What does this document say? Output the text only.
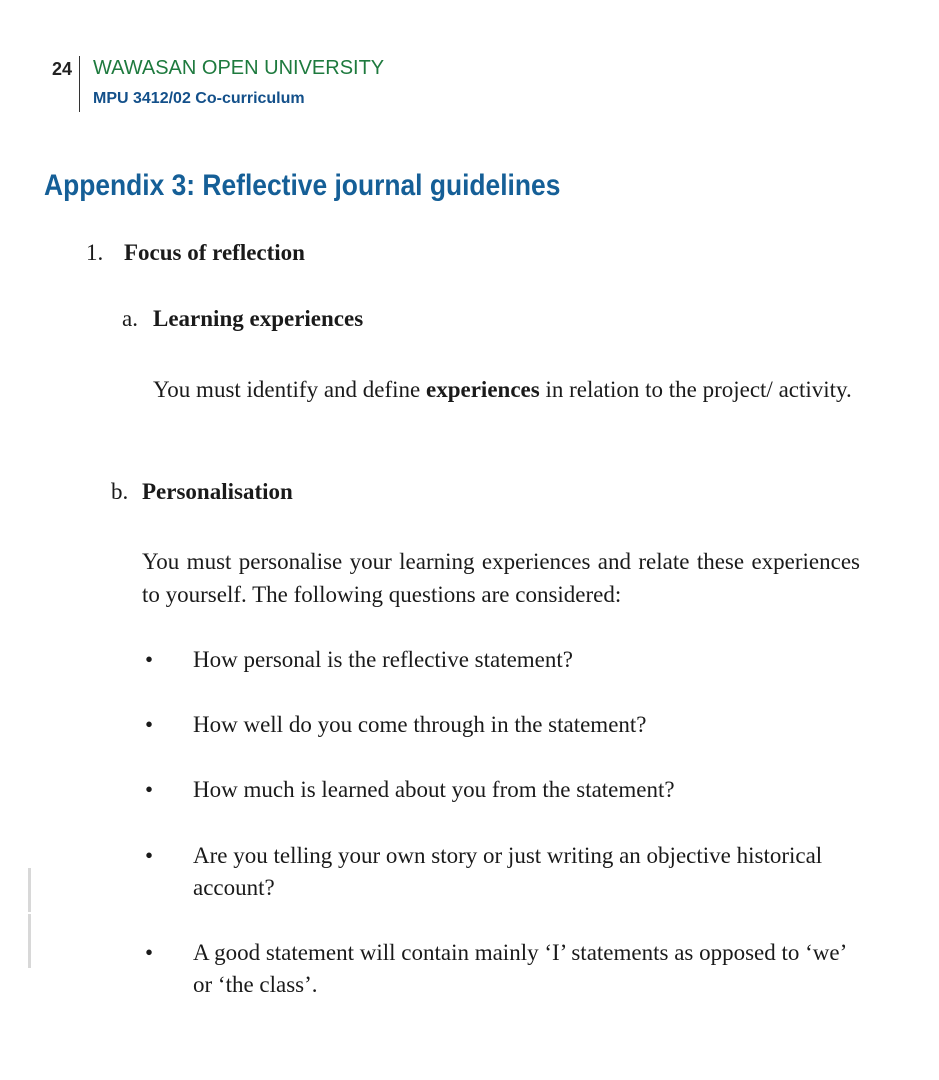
24 WAWASAN OPEN UNIVERSITY
MPU 3412/02 Co-curriculum
Appendix 3: Reflective journal guidelines
1. Focus of reflection
a. Learning experiences

You must identify and define experiences in relation to the project/ activity.

b. Personalisation

You must personalise your learning experiences and relate these experiences to yourself. The following questions are considered:

• How personal is the reflective statement?
• How well do you come through in the statement?
• How much is learned about you from the statement?
• Are you telling your own story or just writing an objective historical account?
• A good statement will contain mainly ‘I’ statements as opposed to ‘we’ or ‘the class’.
